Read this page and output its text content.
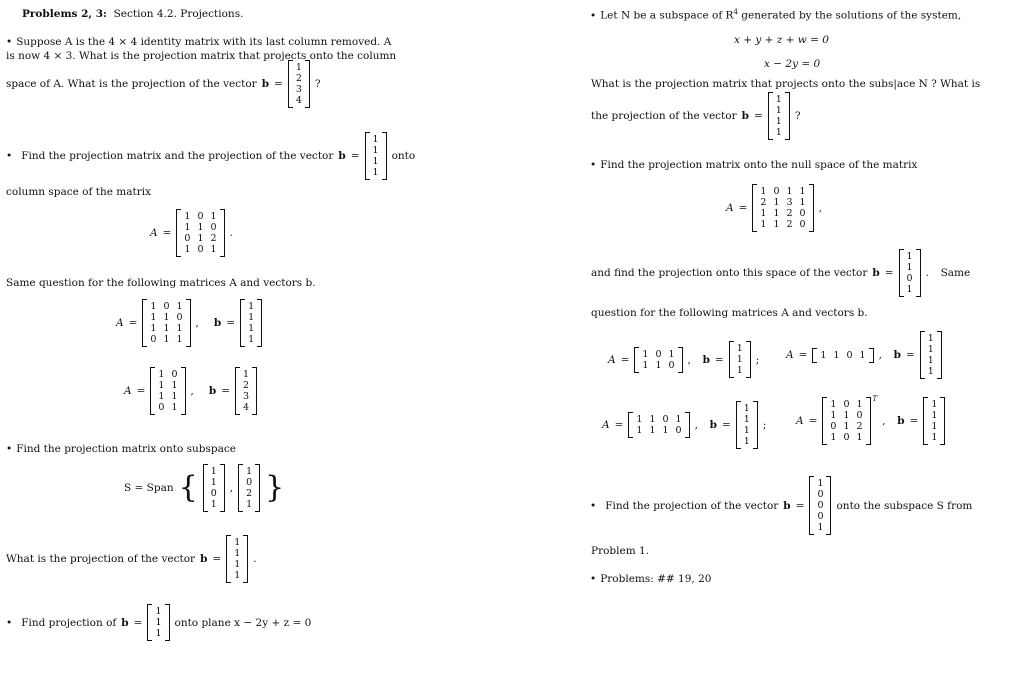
Problems 2, 3: Section 4.2. Projections.
• Suppose A is the 4 × 4 identity matrix with its last column removed. A
is now 4 × 3. What is the projection matrix that projects onto the column
space of A. What is the projection of the vector b =
1
2
3
4
?
• Find the projection matrix and the projection of the vector b =
1
1
1
1
onto
column space of the matrix
A =
1 0 1
1 1 0
0 1 2
1 0 1
.
Same question for the following matrices A and vectors b.
A =
1 0 1
1 1 0
1 1 1
0 1 1
, b =
1
1
1
1
A =
1 0
1 1
1 1
0 1
, b =
1
2
3
4
• Find the projection matrix onto subspace
S = Span { 1
1
0
1
,
1
0
2
1 }
What is the projection of the vector b =
1
1
1
1
.
• Find projection of b =
1
1
1
onto plane x − 2y + z = 0
• Let N be a subspace of $R^4$ generated by the solutions of the system,
x + y + z + w = 0
x − 2y = 0
What is the projection matrix that projects onto the subs|ace N ? What is
the projection of the vector b =
1
1
1
1
?
• Find the projection matrix onto the null space of the matrix
A =
1 0 1 1
2 1 3 1
1 1 2 0
1 1 2 0
,
and find the projection onto this space of the vector b =
1
1
0
1
. Same
question for the following matrices A and vectors b.
A = 1 0 1
1 1 0 , b =
1
1
1
;	A = 1 1 0 1 , b =
1
1
1
1
A = 1 1 0 1
1 1 1 0 , b =
1
1
1
1
;	A =
1 0 1
1 1 0
0 1 2
1 0 1
T
, b =
1
1
1
1
• Find the projection of the vector b =
1
0
0
0
1
onto the subspace S from
Problem 1.
• Problems: ## 19, 20
